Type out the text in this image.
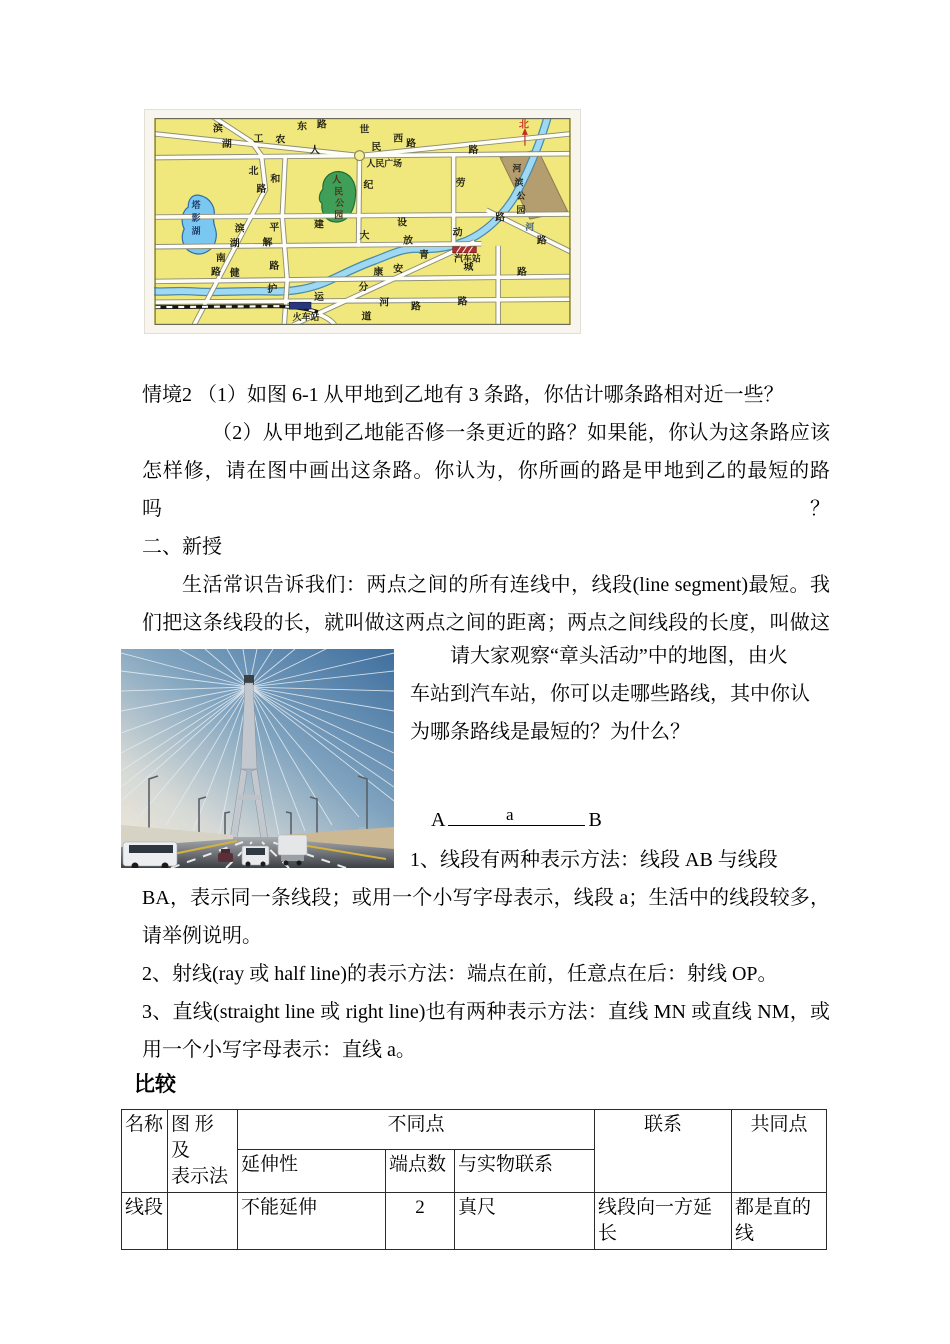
滨
湖
工 农
东 路
西 路
人	民	路
世
纪
北
路
和
平
解
塔
影
湖
人
民
公
园
人民广场	河
滨
公
园
劳
动
建	设	路
大	放
河
路
滨
湖
南
路 健
路
康 安
青
城
汽车站
路
护
运
分
河 路
道
路
火车站
北
情境2 （1）如图 6-1 从甲地到乙地有 3 条路，你估计哪条路相对近一些？
（2）从甲地到乙地能否修一条更近的路？如果能，你认为这条路应该
怎样修，请在图中画出这条路。你认为，你所画的路是甲地到乙的最短的路吗？
二、新授
生活常识告诉我们：两点之间的所有连线中，线段(line segment)最短。我
们把这条线段的长，就叫做这两点之间的距离；两点之间线段的长度，叫做这
请大家观察“章头活动”中的地图，由火
车站到汽车站，你可以走哪些路线，其中你认
为哪条路线是最短的？为什么？
A	a	B
1、线段有两种表示方法：线段 AB 与线段
BA，表示同一条线段；或用一个小写字母表示，线段 a；生活中的线段较多，
请举例说明。
2、射线(ray 或 half line)的表示方法：端点在前，任意点在后：射线 OP。
3、直线(straight line 或 right line)也有两种表示方法：直线 MN 或直线 NM，或
用一个小写字母表示：直线 a。
比较
名称	图 形 及
表示法	不同点			联系	共同点
		延伸性	端点数	与实物联系		
线段		不能延伸	2	真尺	线段向一方延长	都是直的线
